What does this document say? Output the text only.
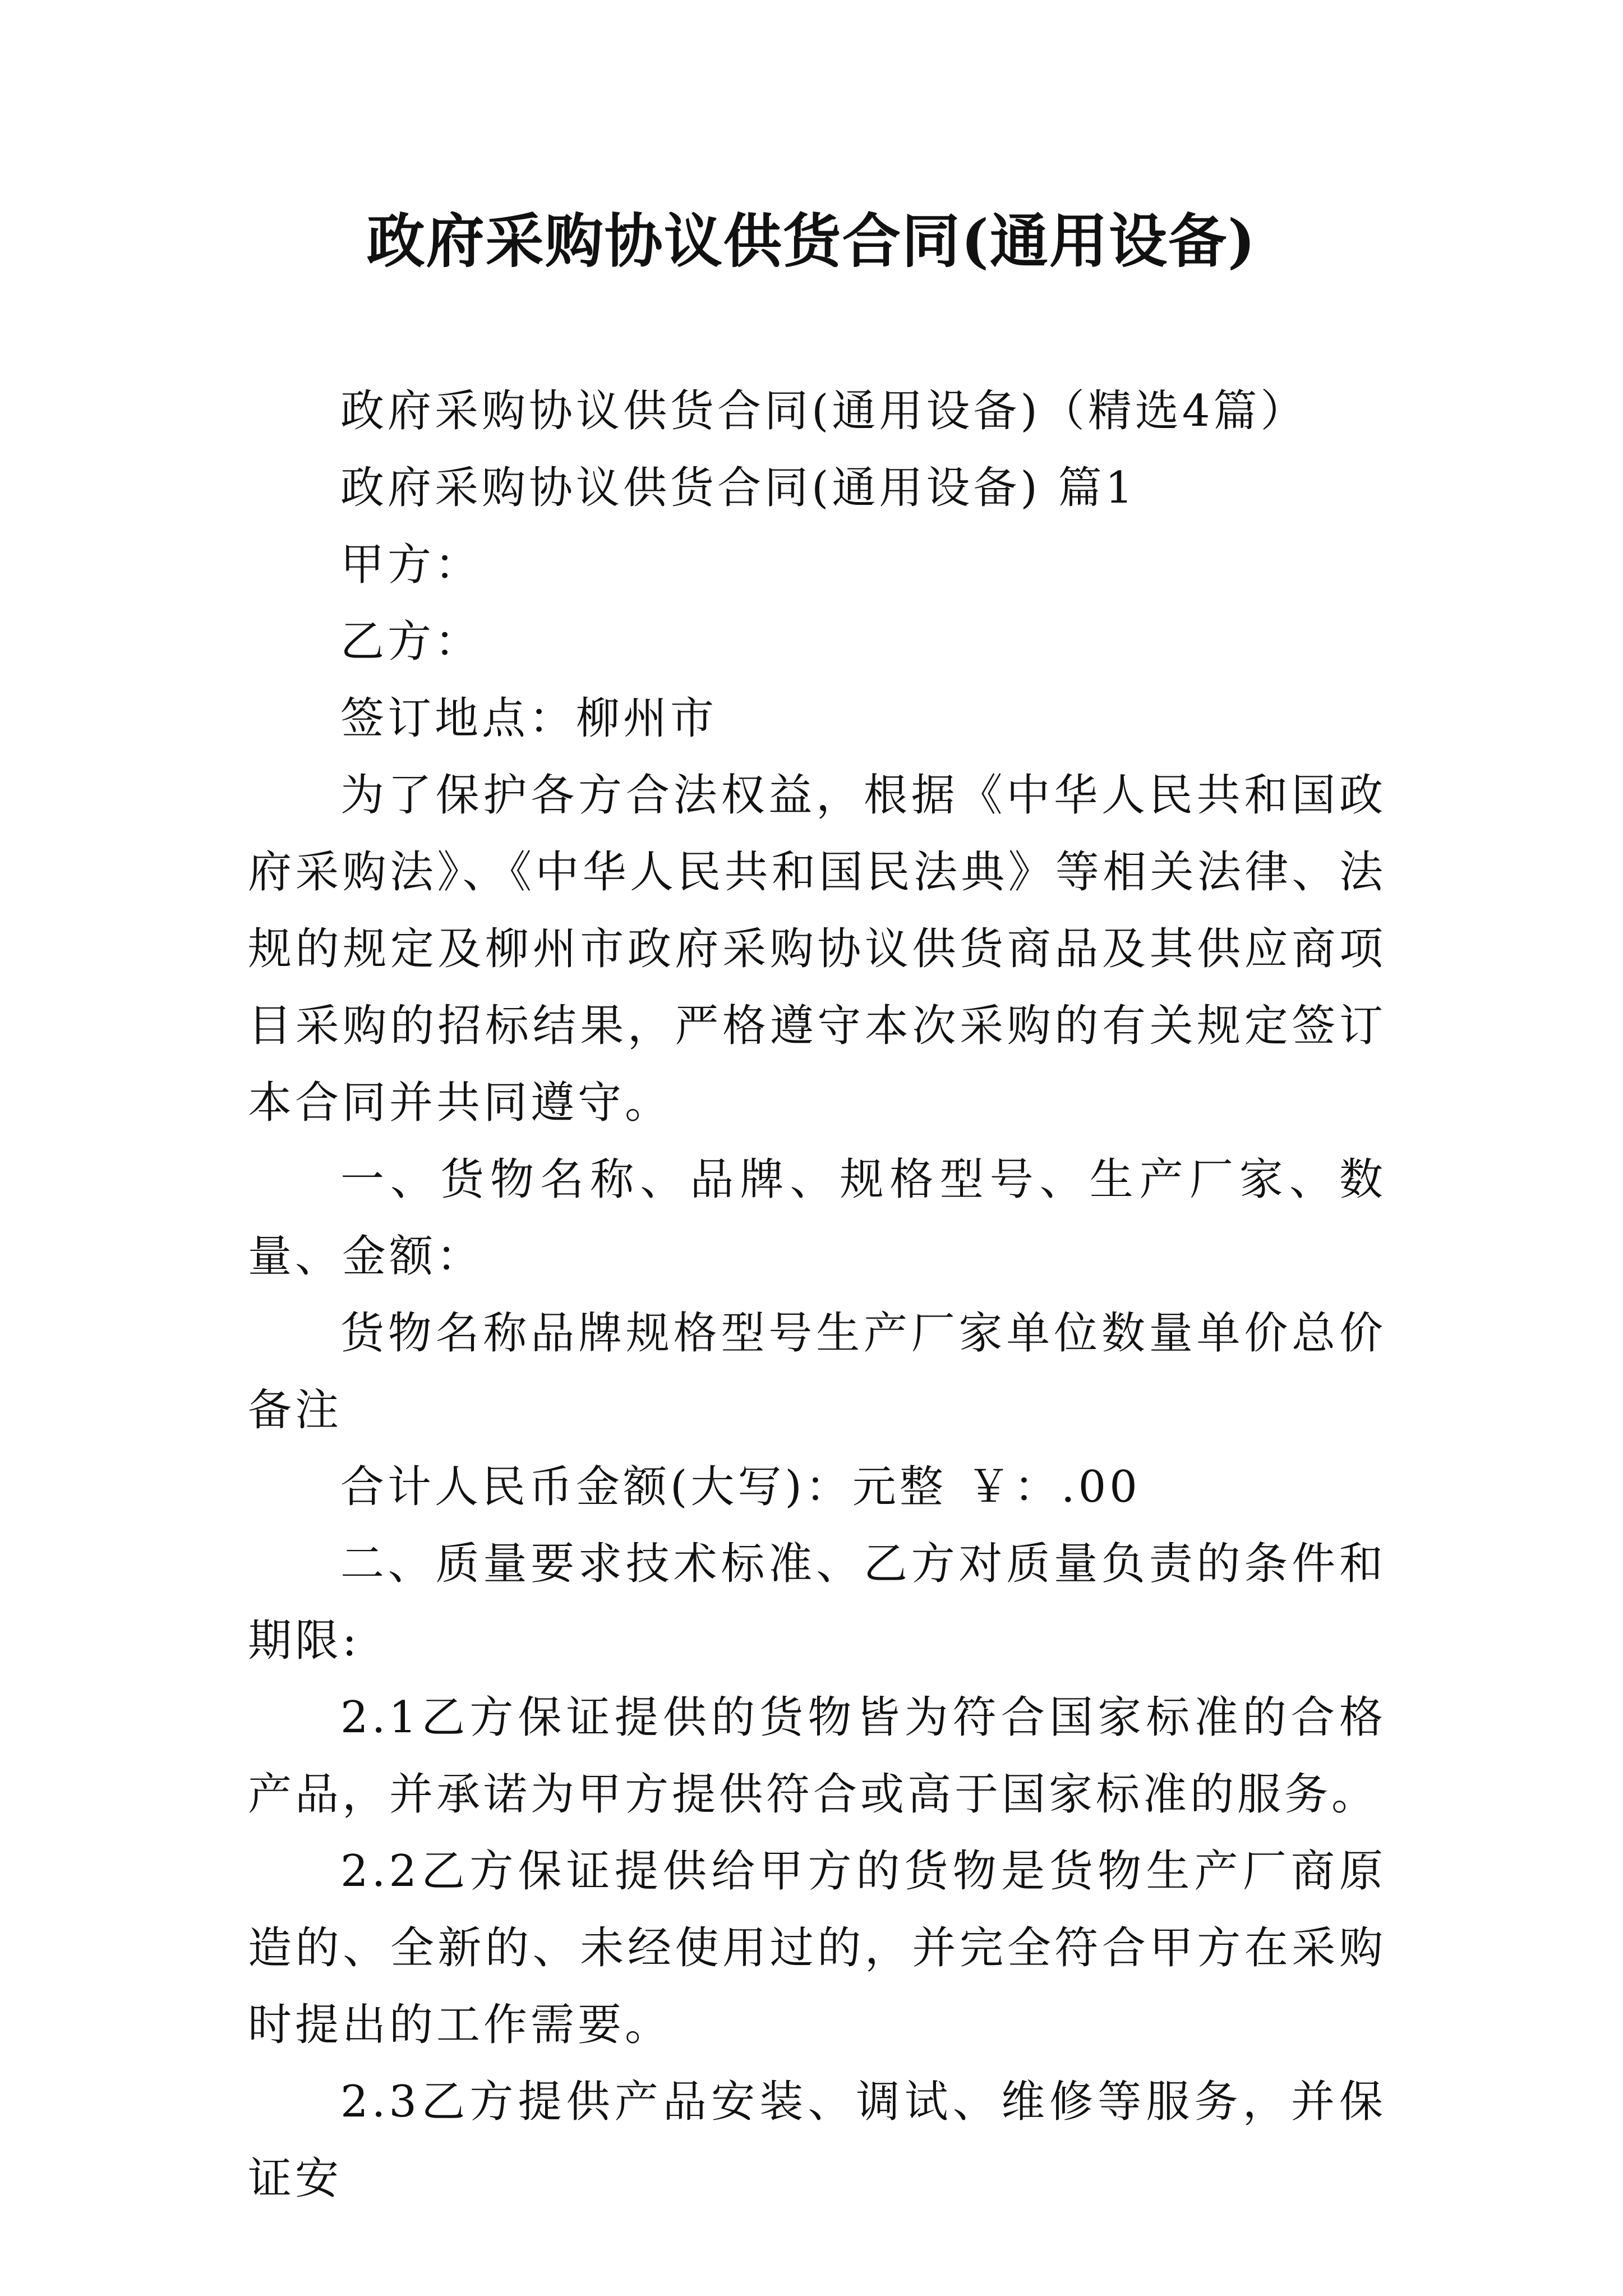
政府采购协议供货合同(通用设备)

政府采购协议供货合同(通用设备)（精选4篇）

政府采购协议供货合同(通用设备) 篇1

甲方：

乙方：

签订地点：柳州市

为了保护各方合法权益，根据《中华人民共和国政府采购法》、《中华人民共和国民法典》等相关法律、法规的规定及柳州市政府采购协议供货商品及其供应商项目采购的招标结果，严格遵守本次采购的有关规定签订本合同并共同遵守。

一、货物名称、品牌、规格型号、生产厂家、数量、金额：

货物名称品牌规格型号生产厂家单位数量单价总价备注

合计人民币金额(大写)：元整 ￥：.00

二、质量要求技术标准、乙方对质量负责的条件和期限:

2.1乙方保证提供的货物皆为符合国家标准的合格产品，并承诺为甲方提供符合或高于国家标准的服务。

2.2乙方保证提供给甲方的货物是货物生产厂商原造的、全新的、未经使用过的，并完全符合甲方在采购时提出的工作需要。

2.3乙方提供产品安装、调试、维修等服务，并保证安
